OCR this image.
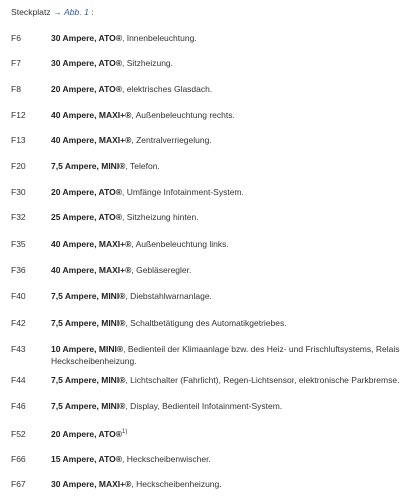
Steckplatz → Abb. 1 :
F6	30 Ampere, ATO®, Innenbeleuchtung.
F7	30 Ampere, ATO®, Sitzheizung.
F8	20 Ampere, ATO®, elektrisches Glasdach.
F12	40 Ampere, MAXI+®, Außenbeleuchtung rechts.
F13	40 Ampere, MAXI+®, Zentralverriegelung.
F20	7,5 Ampere, MINI®, Telefon.
F30	20 Ampere, ATO®, Umfänge Infotainment-System.
F32	25 Ampere, ATO®, Sitzheizung hinten.
F35	40 Ampere, MAXI+®, Außenbeleuchtung links.
F36	40 Ampere, MAXI+®, Gebläseregler.
F40	7,5 Ampere, MINI®, Diebstahlwarnanlage.
F42	7,5 Ampere, MINI®, Schaltbetätigung des Automatikgetriebes.
F43	10 Ampere, MINI®, Bedienteil der Klimaanlage bzw. des Heiz- und Frischluftsystems, Relais Heckscheibenheizung.
F44	7,5 Ampere, MINI®, Lichtschalter (Fahrlicht), Regen-Lichtsensor, elektronische Parkbremse.
F46	7,5 Ampere, MINI®, Display, Bedienteil Infotainment-System.
F52	20 Ampere, ATO®$^{1)}$
F66	15 Ampere, ATO®, Heckscheibenwischer.
F67	30 Ampere, MAXI+®, Heckscheibenheizung.
